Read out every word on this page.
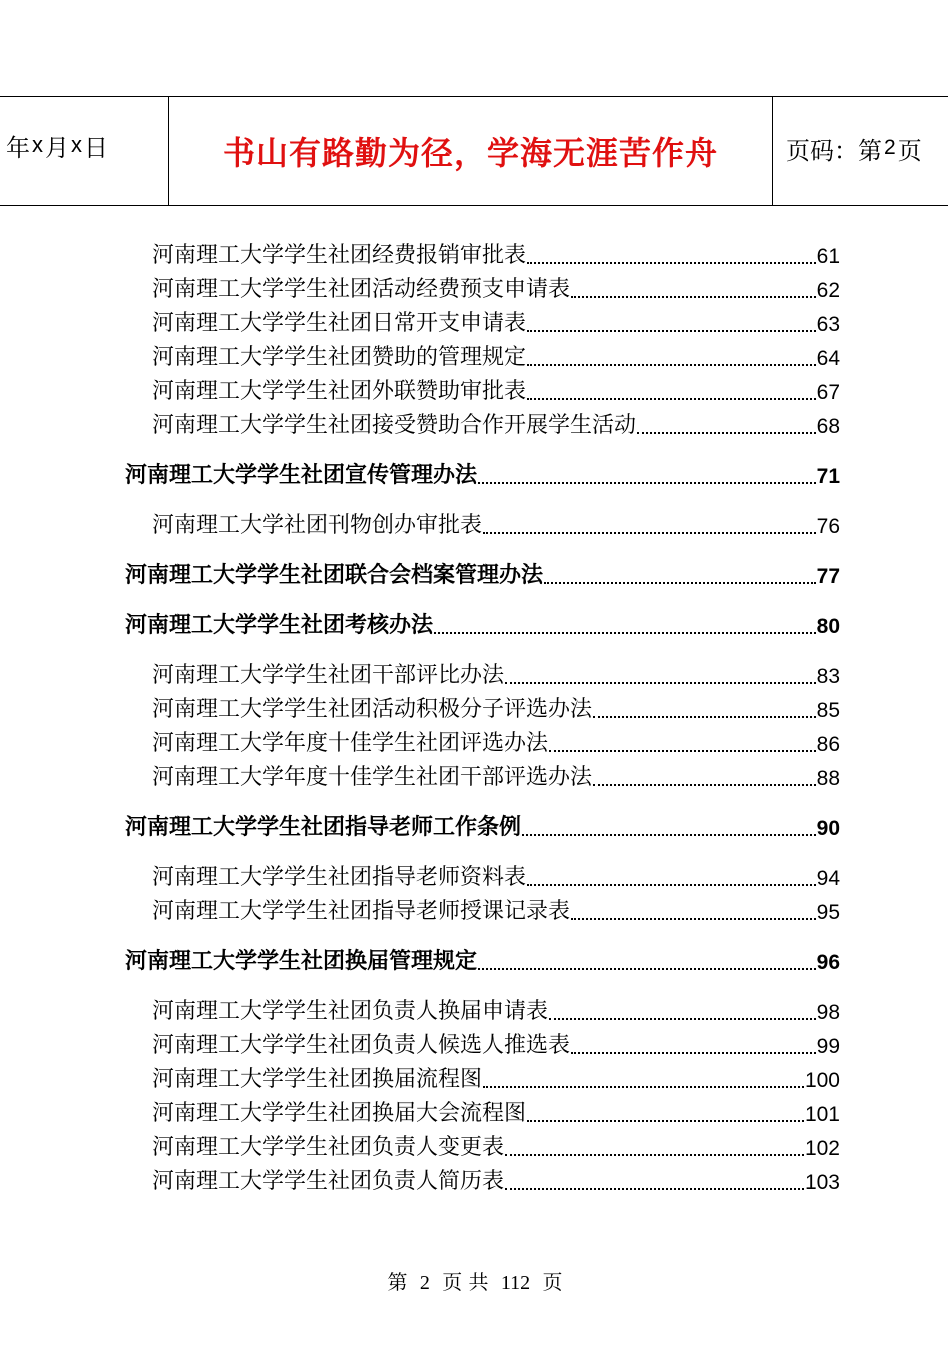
年 x 月 x 日	书山有路勤为径，学海无涯苦作舟	页码：第 2 页
河南理工大学学生社团经费报销审批表	61
河南理工大学学生社团活动经费预支申请表	62
河南理工大学学生社团日常开支申请表	63
河南理工大学学生社团赞助的管理规定	64
河南理工大学学生社团外联赞助审批表	67
河南理工大学学生社团接受赞助合作开展学生活动	68
河南理工大学学生社团宣传管理办法	71
河南理工大学社团刊物创办审批表	76
河南理工大学学生社团联合会档案管理办法	77
河南理工大学学生社团考核办法	80
河南理工大学学生社团干部评比办法	83
河南理工大学学生社团活动积极分子评选办法	85
河南理工大学年度十佳学生社团评选办法	86
河南理工大学年度十佳学生社团干部评选办法	88
河南理工大学学生社团指导老师工作条例	90
河南理工大学学生社团指导老师资料表	94
河南理工大学学生社团指导老师授课记录表	95
河南理工大学学生社团换届管理规定	96
河南理工大学学生社团负责人换届申请表	98
河南理工大学学生社团负责人候选人推选表	99
河南理工大学学生社团换届流程图	100
河南理工大学学生社团换届大会流程图	101
河南理工大学学生社团负责人变更表	102
河南理工大学学生社团负责人简历表	103
第 2 页 共 112 页
